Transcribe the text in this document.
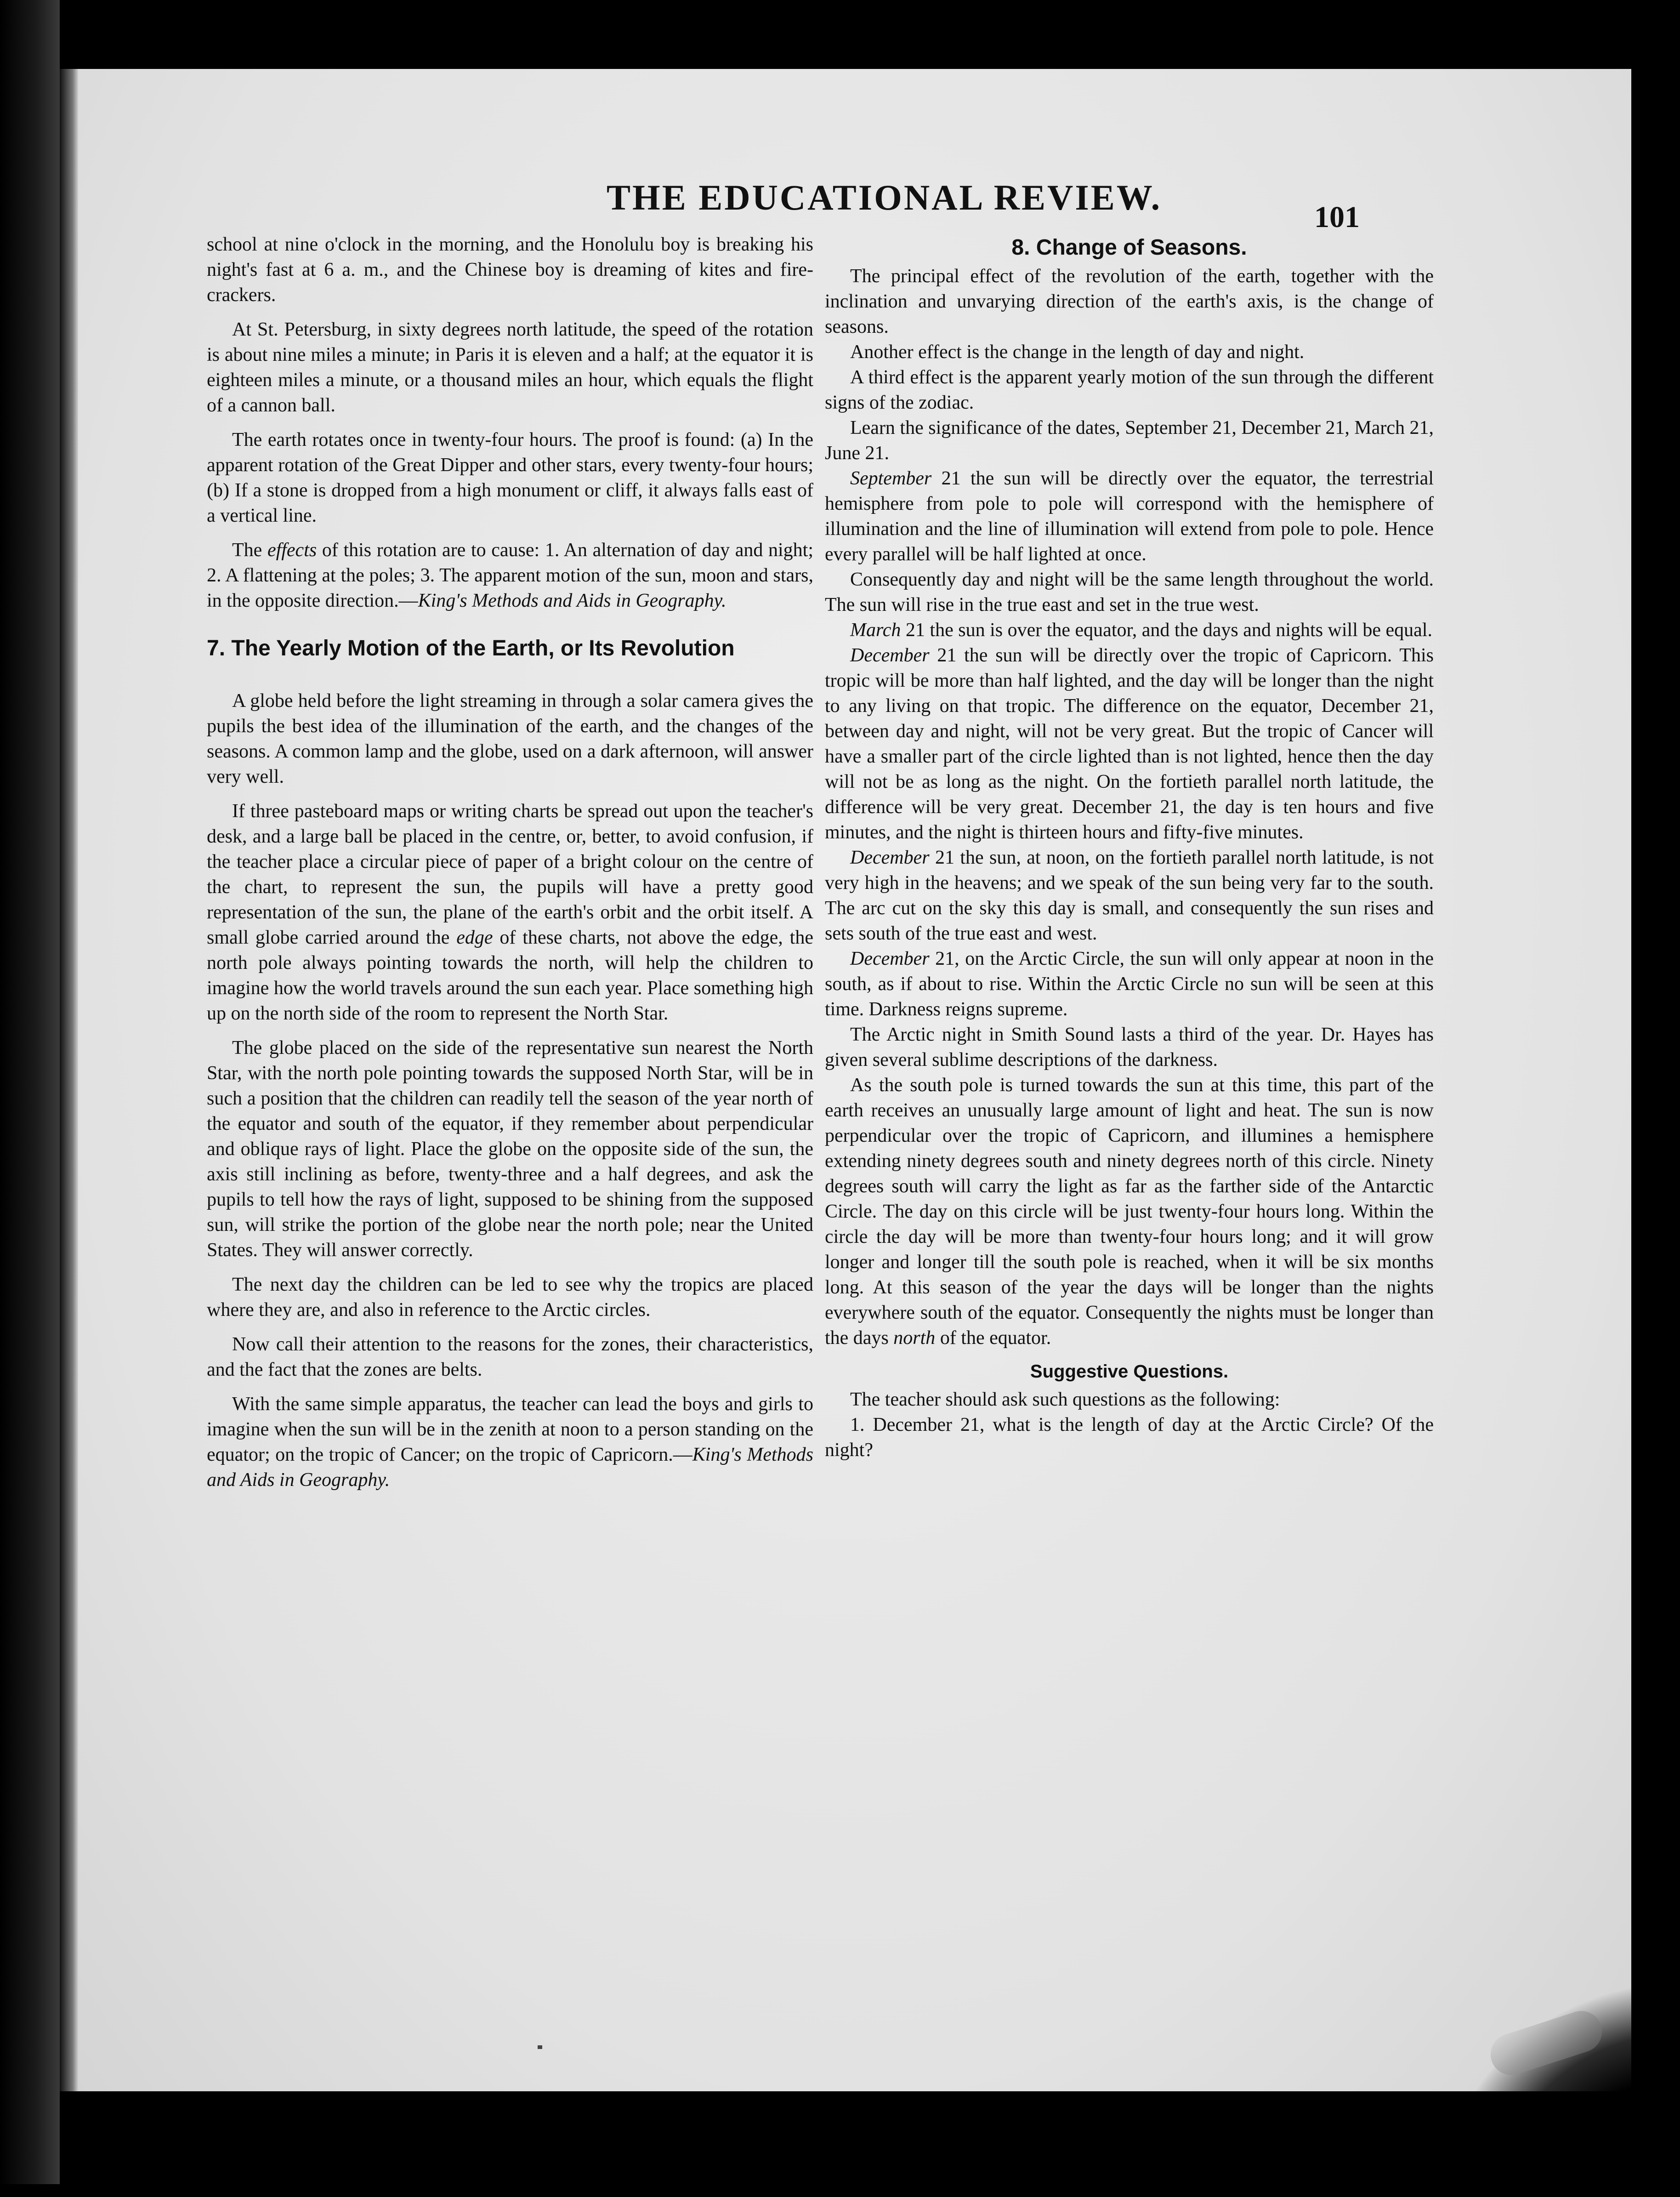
THE EDUCATIONAL REVIEW.	101

school at nine o'clock in the morning, and the Honolulu boy is breaking his night's fast at 6 a. m., and the Chinese boy is dreaming of kites and fire-crackers.

At St. Petersburg, in sixty degrees north latitude, the speed of the rotation is about nine miles a minute; in Paris it is eleven and a half; at the equator it is eighteen miles a minute, or a thousand miles an hour, which equals the flight of a cannon ball.

The earth rotates once in twenty-four hours. The proof is found: (a) In the apparent rotation of the Great Dipper and other stars, every twenty-four hours; (b) If a stone is dropped from a high monument or cliff, it always falls east of a vertical line.

The effects of this rotation are to cause: 1. An alternation of day and night; 2. A flattening at the poles; 3. The apparent motion of the sun, moon and stars, in the opposite direction.—King's Methods and Aids in Geography.

7. The Yearly Motion of the Earth, or Its Revolution

A globe held before the light streaming in through a solar camera gives the pupils the best idea of the illumination of the earth, and the changes of the seasons. A common lamp and the globe, used on a dark afternoon, will answer very well.

If three pasteboard maps or writing charts be spread out upon the teacher's desk, and a large ball be placed in the centre, or, better, to avoid confusion, if the teacher place a circular piece of paper of a bright colour on the centre of the chart, to represent the sun, the pupils will have a pretty good representation of the sun, the plane of the earth's orbit and the orbit itself. A small globe carried around the edge of these charts, not above the edge, the north pole always pointing towards the north, will help the children to imagine how the world travels around the sun each year. Place something high up on the north side of the room to represent the North Star.

The globe placed on the side of the representative sun nearest the North Star, with the north pole pointing towards the supposed North Star, will be in such a position that the children can readily tell the season of the year north of the equator and south of the equator, if they remember about perpendicular and oblique rays of light. Place the globe on the opposite side of the sun, the axis still inclining as before, twenty-three and a half degrees, and ask the pupils to tell how the rays of light, supposed to be shining from the supposed sun, will strike the portion of the globe near the north pole; near the United States. They will answer correctly.

The next day the children can be led to see why the tropics are placed where they are, and also in reference to the Arctic circles.

Now call their attention to the reasons for the zones, their characteristics, and the fact that the zones are belts.

With the same simple apparatus, the teacher can lead the boys and girls to imagine when the sun will be in the zenith at noon to a person standing on the equator; on the tropic of Cancer; on the tropic of Capricorn.—King's Methods and Aids in Geography.

8. Change of Seasons.

The principal effect of the revolution of the earth, together with the inclination and unvarying direction of the earth's axis, is the change of seasons.

Another effect is the change in the length of day and night.

A third effect is the apparent yearly motion of the sun through the different signs of the zodiac.

Learn the significance of the dates, September 21, December 21, March 21, June 21.

September 21 the sun will be directly over the equator, the terrestrial hemisphere from pole to pole will correspond with the hemisphere of illumination and the line of illumination will extend from pole to pole. Hence every parallel will be half lighted at once.

Consequently day and night will be the same length throughout the world. The sun will rise in the true east and set in the true west.

March 21 the sun is over the equator, and the days and nights will be equal.

December 21 the sun will be directly over the tropic of Capricorn. This tropic will be more than half lighted, and the day will be longer than the night to any living on that tropic. The difference on the equator, December 21, between day and night, will not be very great. But the tropic of Cancer will have a smaller part of the circle lighted than is not lighted, hence then the day will not be as long as the night. On the fortieth parallel north latitude, the difference will be very great. December 21, the day is ten hours and five minutes, and the night is thirteen hours and fifty-five minutes.

December 21 the sun, at noon, on the fortieth parallel north latitude, is not very high in the heavens; and we speak of the sun being very far to the south. The arc cut on the sky this day is small, and consequently the sun rises and sets south of the true east and west.

December 21, on the Arctic Circle, the sun will only appear at noon in the south, as if about to rise. Within the Arctic Circle no sun will be seen at this time. Darkness reigns supreme.

The Arctic night in Smith Sound lasts a third of the year. Dr. Hayes has given several sublime descriptions of the darkness.

As the south pole is turned towards the sun at this time, this part of the earth receives an unusually large amount of light and heat. The sun is now perpendicular over the tropic of Capricorn, and illumines a hemisphere extending ninety degrees south and ninety degrees north of this circle. Ninety degrees south will carry the light as far as the farther side of the Antarctic Circle. The day on this circle will be just twenty-four hours long. Within the circle the day will be more than twenty-four hours long; and it will grow longer and longer till the south pole is reached, when it will be six months long. At this season of the year the days will be longer than the nights everywhere south of the equator. Consequently the nights must be longer than the days north of the equator.

Suggestive Questions.

The teacher should ask such questions as the following:

1. December 21, what is the length of day at the Arctic Circle? Of the night?
